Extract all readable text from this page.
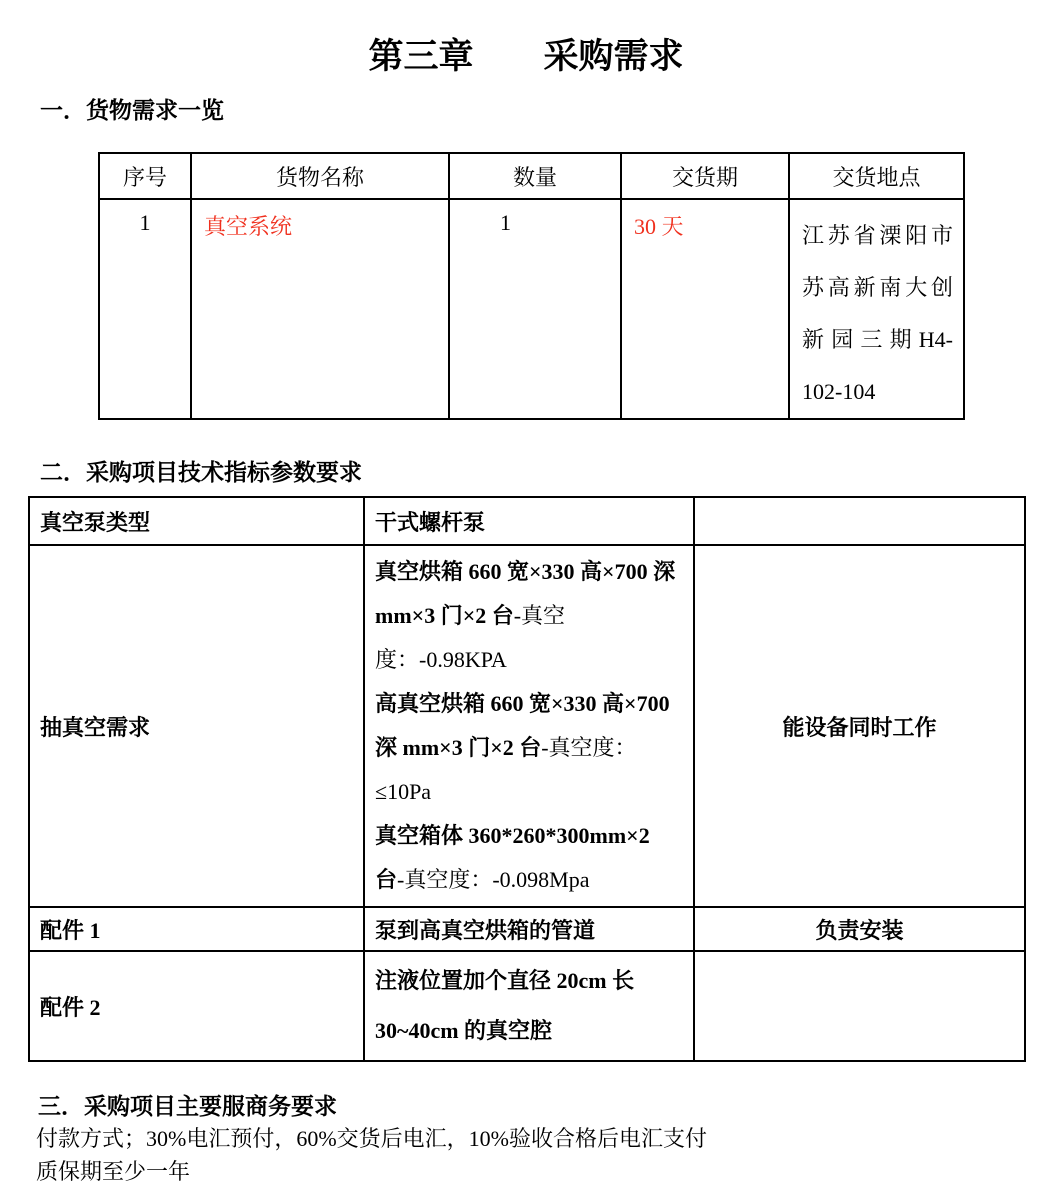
第三章　　采购需求
一．货物需求一览
序号	货物名称	数量	交货期	交货地点
1	真空系统	1	30 天	江苏省溧阳市苏高新南大创新园三期H4-102-104
二．采购项目技术指标参数要求
真空泵类型	干式螺杆泵	
抽真空需求	真空烘箱 660 宽×330 高×700 深 mm×3 门×2 台-真空度：-0.98KPA

高真空烘箱 660 宽×330 高×700 深 mm×3 门×2 台-真空度：≤10Pa

真空箱体 360*260*300mm×2 台-真空度：-0.098Mpa	能设备同时工作
配件 1	泵到高真空烘箱的管道	负责安装
配件 2	注液位置加个直径 20cm 长 30~40cm 的真空腔	
三．采购项目主要服商务要求

付款方式；30%电汇预付，60%交货后电汇，10%验收合格后电汇支付

质保期至少一年
